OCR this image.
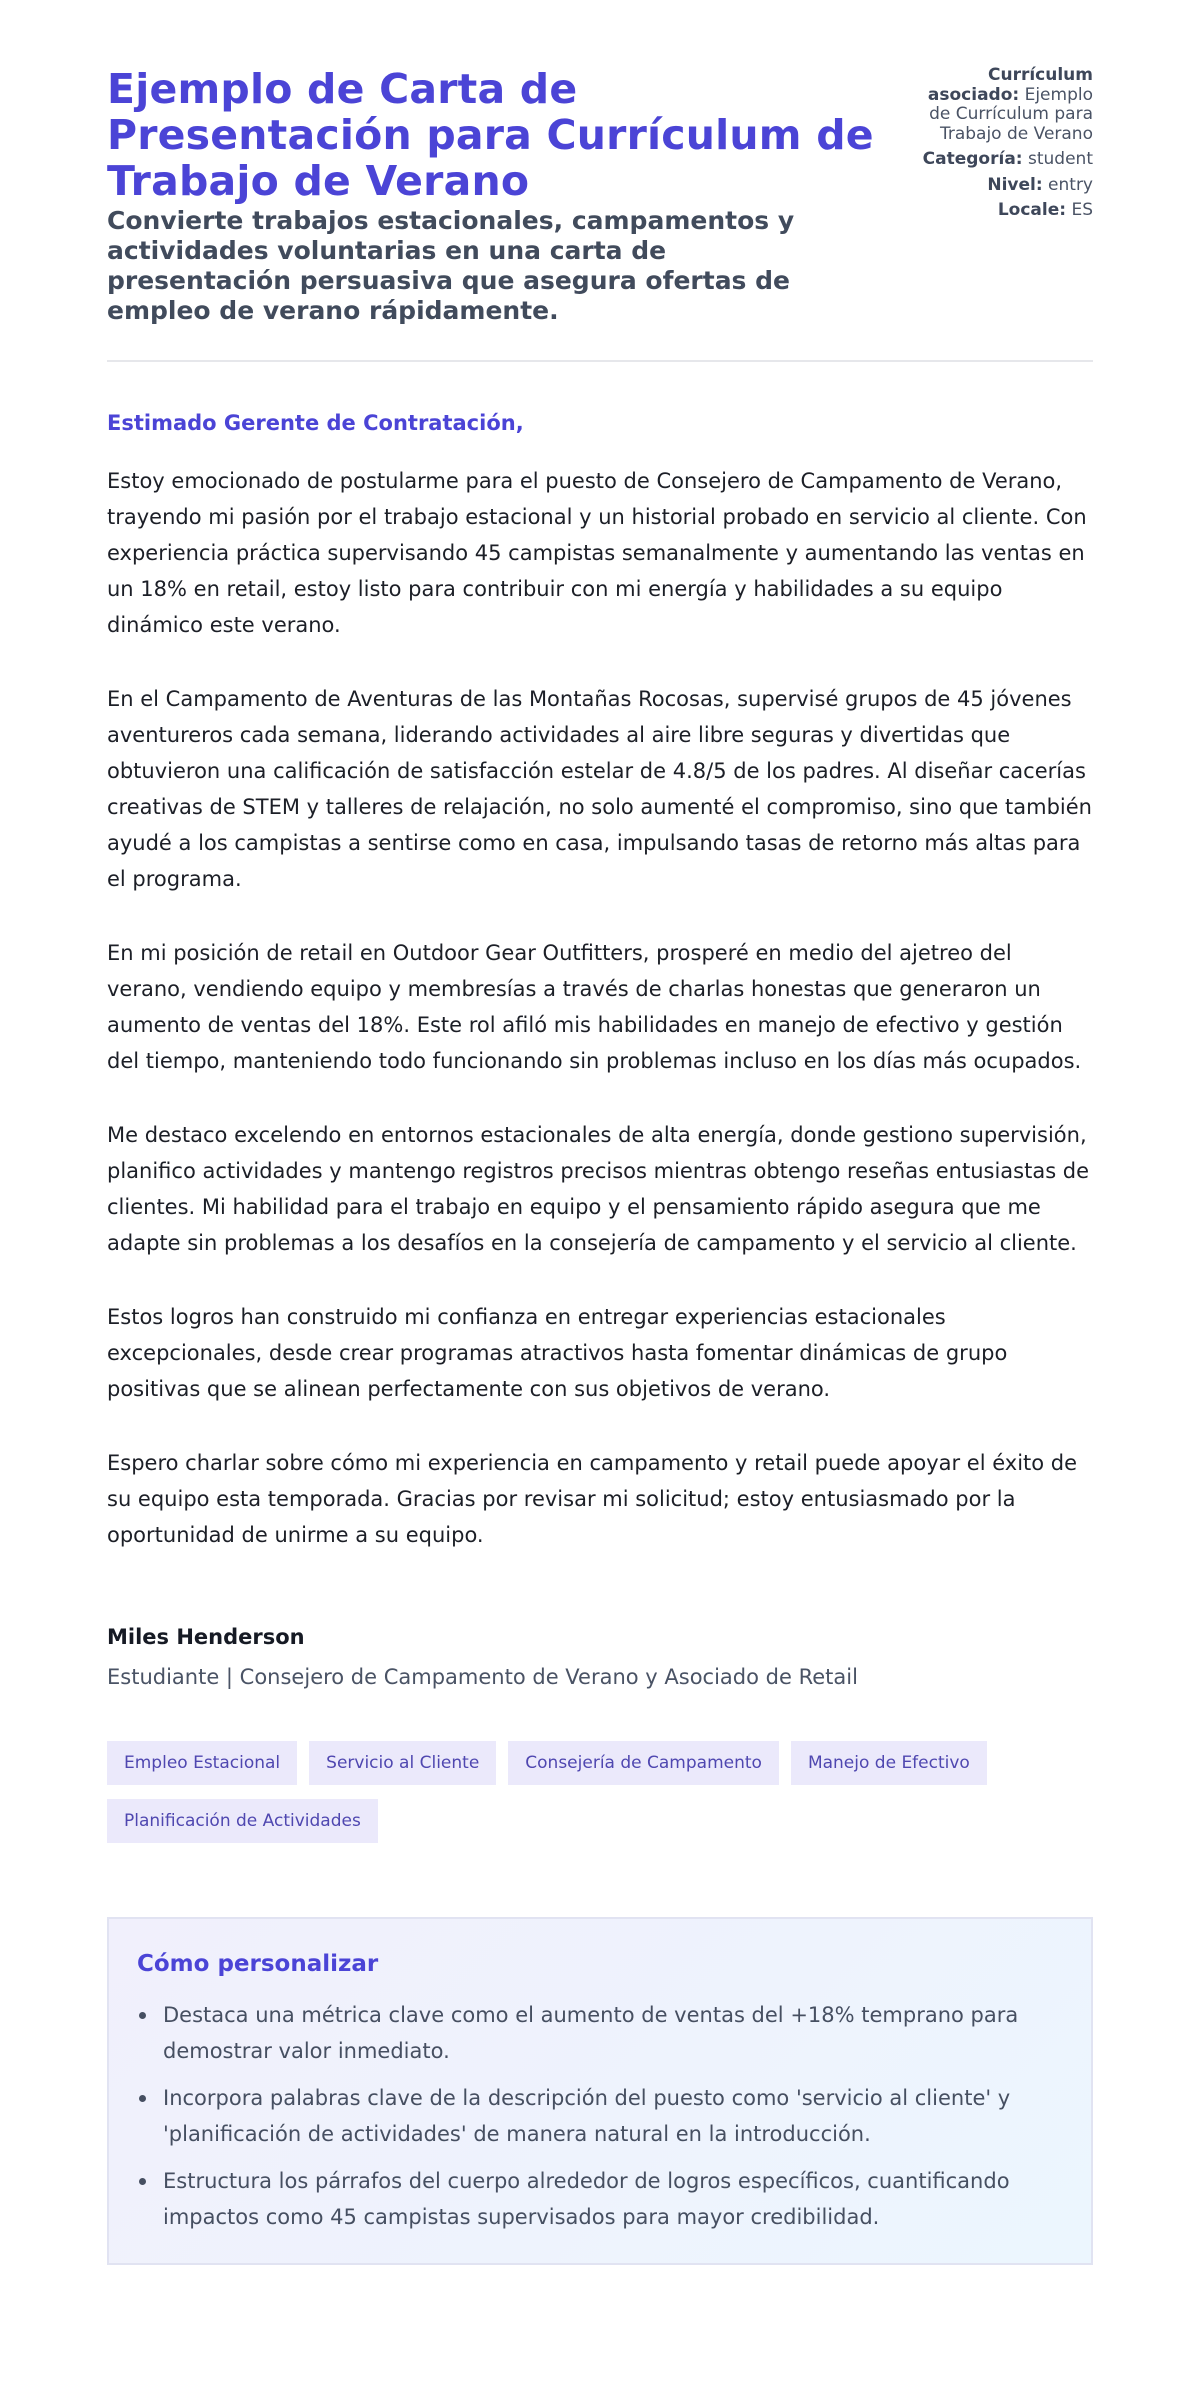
Ejemplo de Carta de Presentación para Currículum de Trabajo de Verano
Convierte trabajos estacionales, campamentos y actividades voluntarias en una carta de presentación persuasiva que asegura ofertas de empleo de verano rápidamente.
Currículum asociado: Ejemplo de Currículum para Trabajo de Verano
Categoría: student
Nivel: entry
Locale: ES

Estimado Gerente de Contratación,

Estoy emocionado de postularme para el puesto de Consejero de Campamento de Verano, trayendo mi pasión por el trabajo estacional y un historial probado en servicio al cliente. Con experiencia práctica supervisando 45 campistas semanalmente y aumentando las ventas en un 18% en retail, estoy listo para contribuir con mi energía y habilidades a su equipo dinámico este verano.

En el Campamento de Aventuras de las Montañas Rocosas, supervisé grupos de 45 jóvenes aventureros cada semana, liderando actividades al aire libre seguras y divertidas que obtuvieron una calificación de satisfacción estelar de 4.8/5 de los padres. Al diseñar cacerías creativas de STEM y talleres de relajación, no solo aumenté el compromiso, sino que también ayudé a los campistas a sentirse como en casa, impulsando tasas de retorno más altas para el programa.

En mi posición de retail en Outdoor Gear Outfitters, prosperé en medio del ajetreo del verano, vendiendo equipo y membresías a través de charlas honestas que generaron un aumento de ventas del 18%. Este rol afiló mis habilidades en manejo de efectivo y gestión del tiempo, manteniendo todo funcionando sin problemas incluso en los días más ocupados.

Me destaco excelendo en entornos estacionales de alta energía, donde gestiono supervisión, planifico actividades y mantengo registros precisos mientras obtengo reseñas entusiastas de clientes. Mi habilidad para el trabajo en equipo y el pensamiento rápido asegura que me adapte sin problemas a los desafíos en la consejería de campamento y el servicio al cliente.

Estos logros han construido mi confianza en entregar experiencias estacionales excepcionales, desde crear programas atractivos hasta fomentar dinámicas de grupo positivas que se alinean perfectamente con sus objetivos de verano.

Espero charlar sobre cómo mi experiencia en campamento y retail puede apoyar el éxito de su equipo esta temporada. Gracias por revisar mi solicitud; estoy entusiasmado por la oportunidad de unirme a su equipo.

Miles Henderson
Estudiante | Consejero de Campamento de Verano y Asociado de Retail
Empleo Estacional	Servicio al Cliente	Consejería de Campamento	Manejo de Efectivo
Planificación de Actividades
Cómo personalizar
Destaca una métrica clave como el aumento de ventas del +18% temprano para demostrar valor inmediato.
Incorpora palabras clave de la descripción del puesto como 'servicio al cliente' y 'planificación de actividades' de manera natural en la introducción.
Estructura los párrafos del cuerpo alrededor de logros específicos, cuantificando impactos como 45 campistas supervisados para mayor credibilidad.
